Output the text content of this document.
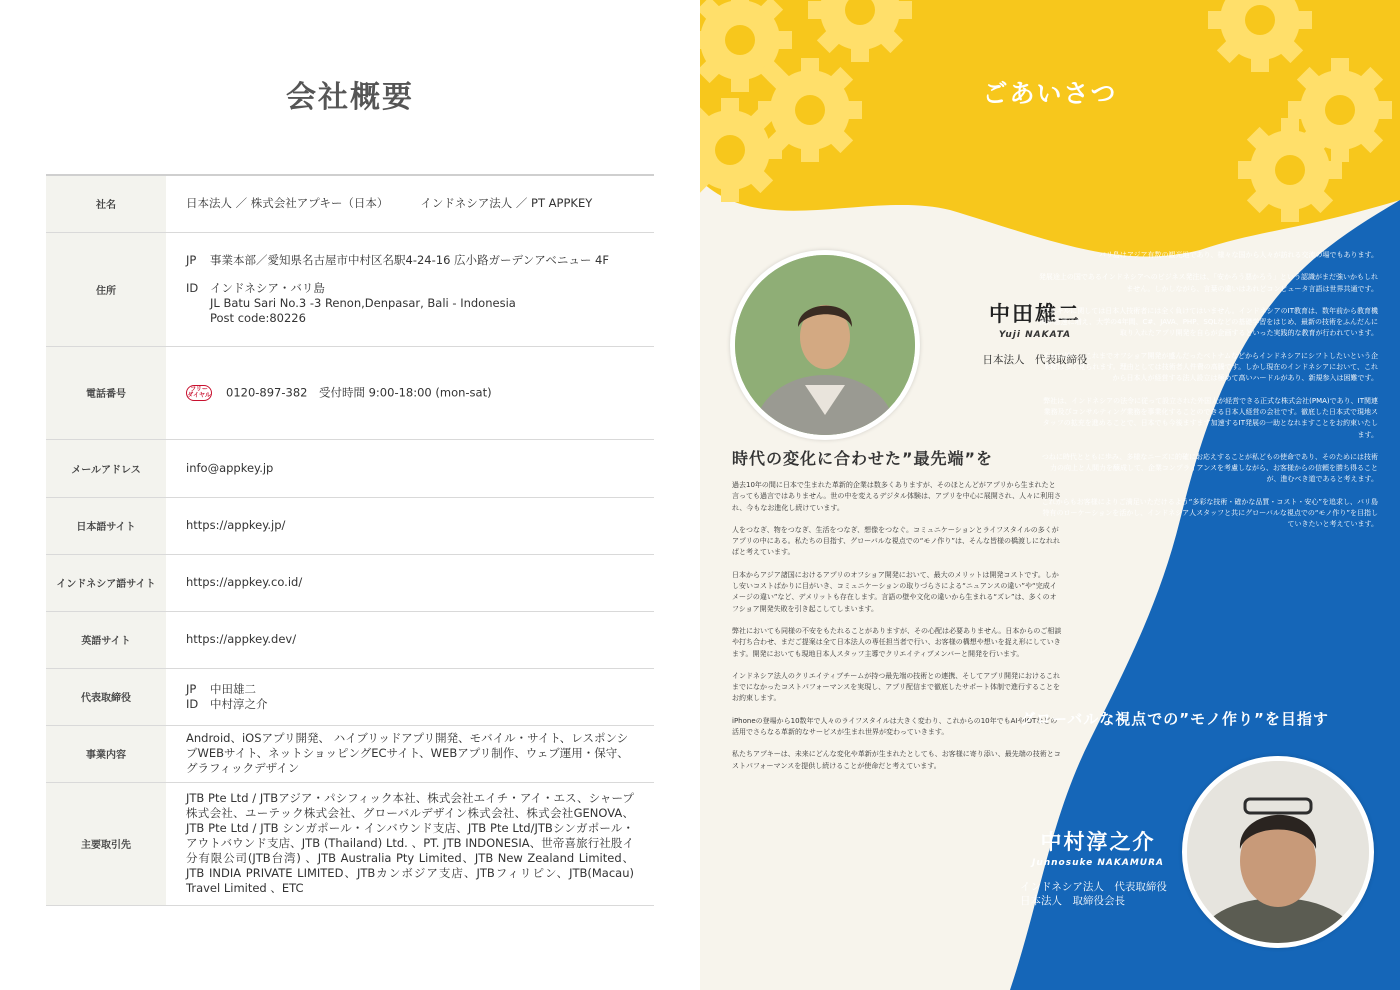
会社概要
社名	日本法人 ／ 株式会社アプキー（日本） インドネシア法人 ／ PT APPKEY
住所	JP 事業本部／愛知県名古屋市中村区名駅4-24-16 広小路ガーデンアベニュー 4F
ID インドネシア・バリ島
JL Batu Sari No.3 -3 Renon,Denpasar, Bali - Indonesia
Post code:80226

電話番号	フリー
ダイヤル 0120-897-382　受付時間 9:00-18:00 (mon-sat)
メールアドレス	info@appkey.jp
日本語サイト	https://appkey.jp/
インドネシア語サイト	https://appkey.co.id/
英語サイト	https://appkey.dev/
代表取締役	JP 中田雄二
ID 中村淳之介

事業内容	Android、iOSアプリ開発、 ハイブリッドアプリ開発、モバイル・サイト、レスポンシブWEBサイト、ネットショッピングECサイト、WEBアプリ制作、ウェブ運用・保守、グラフィックデザイン
主要取引先	JTB Pte Ltd / JTBアジア・パシフィック本社、株式会社エイチ・アイ・エス、シャープ株式会社、ユーテック株式会社、グローバルデザイン株式会社、株式会社GENOVA、JTB Pte Ltd / JTB シンガポール・インバウンド支店、JTB Pte Ltd/JTBシンガポール・アウトバウンド支店、JTB (Thailand) Ltd. 、PT. JTB INDONESIA、世帝喜旅行社股イ分有限公司(JTB台湾) 、JTB Australia Pty Limited、JTB New Zealand Limited、JTB INDIA PRIVATE LIMITED、JTBカンボジア支店、JTBフィリピン、JTB(Macau) Travel Limited 、ETC
ごあいさつ
中田雄二
Yuji NAKATA
日本法人　代表取締役
時代の変化に合わせた”最先端”を

過去10年の間に日本で生まれた革新的企業は数多くありますが、そのほとんどがアプリから生まれたと言っても過言ではありません。世の中を変えるデジタル体験は、アプリを中心に展開され、人々に利用され、今もなお進化し続けています。

人をつなぎ、物をつなぎ、生活をつなぎ、想像をつなぐ。コミュニケーションとライフスタイルの多くがアプリの中にある。私たちの目指す、グローバルな視点での“モノ作り”は、そんな皆様の橋渡しになれればと考えています。

日本からアジア諸国におけるアプリのオフショア開発において、最大のメリットは開発コストです。しかし安いコストばかりに目がいき、コミュニケーションの取りづらさによる“ニュアンスの違い”や“完成イメージの違い”など、デメリットも存在します。言語の壁や文化の違いから生まれる“ズレ”は、多くのオフショア開発失敗を引き起こしてしまいます。

弊社においても同様の不安をもたれることがありますが、その心配は必要ありません。日本からのご相談や打ち合わせ、まだご提案は全て日本法人の専任担当者で行い、お客様の構想や想いを捉え形にしていきます。開発においても現地日本人スタッフ主導でクリエイティブメンバーと開発を行います。

インドネシア法人のクリエイティブチームが持つ最先端の技術との連携、そしてアプリ開発におけるこれまでになかったコストパフォーマンスを実現し、アプリ配信まで徹底したサポート体制で進行することをお約束します。

iPhoneの登場から10数年で人々のライフスタイルは大きく変わり、これからの10年でもAIやIOTなどの活用でさらなる革新的なサービスが生まれ世界が変わっていきます。

私たちアプキーは、未来にどんな変化や革新が生まれたとしても、お客様に寄り添い、最先端の技術とコストパフォーマンスを提供し続けることが使命だと考えています。

バリ島はアジア有数の観光地であり、様々な国から人々が訪れる交流の場でもあります。

発展途上の国であるインドネシアへのビジネス発注は、「安かろう悪かろう」という認識がまだ強いかもしれません。しかしながら、言葉の違いはあれどコンピュータ言語は世界共通です。

ITスキルに関しては日本人技術者には全く負けてはいません。インドネシアのIT教育は、数年前から教育機関が急速に増え、大学の4年間、C#、JAVA、PHP、SQLなどの基礎学習をはじめ、最新の技術をふんだんに取り入れたアプリ開発を自らが企画するといった実践的な教育が行われています。

それに伴い、これまでオフショア開発が盛んだったベトナムなどからインドネシアにシフトしたいという企業様は多く見られます。理由としては技術者人件費の高騰です。しかし現在のインドネシアにおいて、これから日本人が経営する法人設立は極めて高いハードルがあり、新規参入は困難です。

弊社は、インドネシアの法令に従って設立された外国人が経営できる正式な株式会社(PMA)であり、IT関連業務及びコンサルティング業務を事業化することのできる日本人経営の会社です。徹底した日本式で現地スタッフの拡充を進めることで、日本でも今後ますます加速するIT発展の一助となれますことをお約束いたします。

つねに時代とともに歩み、多様なニーズに的確にお応えすることが私どもの使命であり、そのためには技術力の向上と人間力を醸成して、企業コンプライアンスを考慮しながら、お客様からの信頼を勝ち得ることが、進むべき道であると考えます。

これからもお客様によりご満足いただけるよう“多彩な技術・確かな品質・コスト・安心”を追求し、バリ島特有のローケーションを活かし、インドネシア人スタッフと共にグローバルな視点での“モノ作り”を目指していきたいと考えています。

グローバルな視点での”モノ作り”を目指す
中村淳之介
Junnosuke NAKAMURA
インドネシア法人　代表取締役
日本法人　取締役会長
